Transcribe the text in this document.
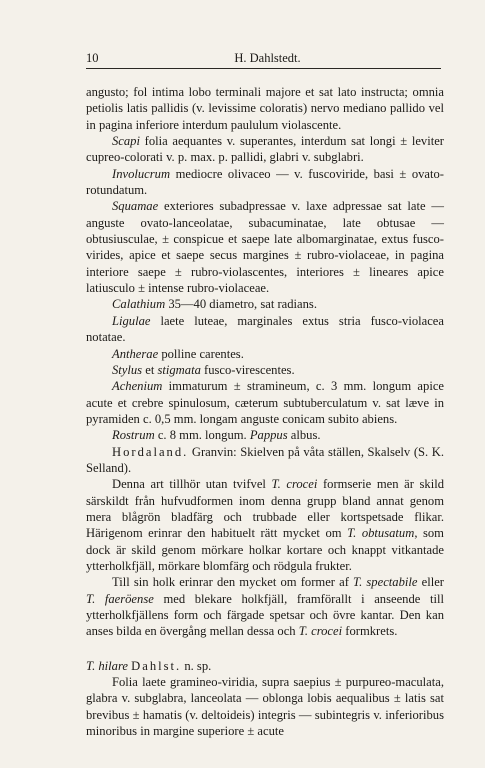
10	H. Dahlstedt.

angusto; fol intima lobo terminali majore et sat lato instructa; omnia petiolis latis pallidis (v. levissime coloratis) nervo mediano pallido vel in pagina inferiore interdum paululum violascente.

Scapi folia aequantes v. superantes, interdum sat longi ± leviter cupreo-colorati v. p. max. p. pallidi, glabri v. subglabri.

Involucrum mediocre olivaceo — v. fuscoviride, basi ± ovato-rotundatum.

Squamae exteriores subadpressae v. laxe adpressae sat late — anguste ovato-lanceolatae, subacuminatae, late obtusae — obtusiusculae, ± conspicue et saepe late albomarginatae, extus fusco-virides, apice et saepe secus margines ± rubro-violaceae, in pagina interiore saepe ± rubro-violascentes, interiores ± lineares apice latiusculo ± intense rubro-violaceae.

Calathium 35—40 diametro, sat radians.

Ligulae laete luteae, marginales extus stria fusco-violacea notatae.

Antherae polline carentes.

Stylus et stigmata fusco-virescentes.

Achenium immaturum ± stramineum, c. 3 mm. longum apice acute et crebre spinulosum, cæterum subtuberculatum v. sat læve in pyramiden c. 0,5 mm. longam anguste conicam subito abiens.

Rostrum c. 8 mm. longum. Pappus albus.

Hordaland. Granvin: Skielven på våta ställen, Skalselv (S. K. Selland).

Denna art tillhör utan tvifvel T. crocei formserie men är skild särskildt från hufvudformen inom denna grupp bland annat genom mera blågrön bladfärg och trubbade eller kortspetsade flikar. Härigenom erinrar den habituelt rätt mycket om T. obtusatum, som dock är skild genom mörkare holkar kortare och knappt vitkantade ytterholkfjäll, mörkare blomfärg och rödgula frukter.

Till sin holk erinrar den mycket om former af T. spectabile eller T. faeröense med blekare holkfjäll, framförallt i anseende till ytterholkfjällens form och färgade spetsar och övre kantar. Den kan anses bilda en övergång mellan dessa och T. crocei formkrets.

T. hilare Dahlst. n. sp.

Folia laete gramineo-viridia, supra saepius ± purpureo-maculata, glabra v. subglabra, lanceolata — oblonga lobis aequalibus ± latis sat brevibus ± hamatis (v. deltoideis) integris — subintegris v. inferioribus minoribus in margine superiore ± acute
